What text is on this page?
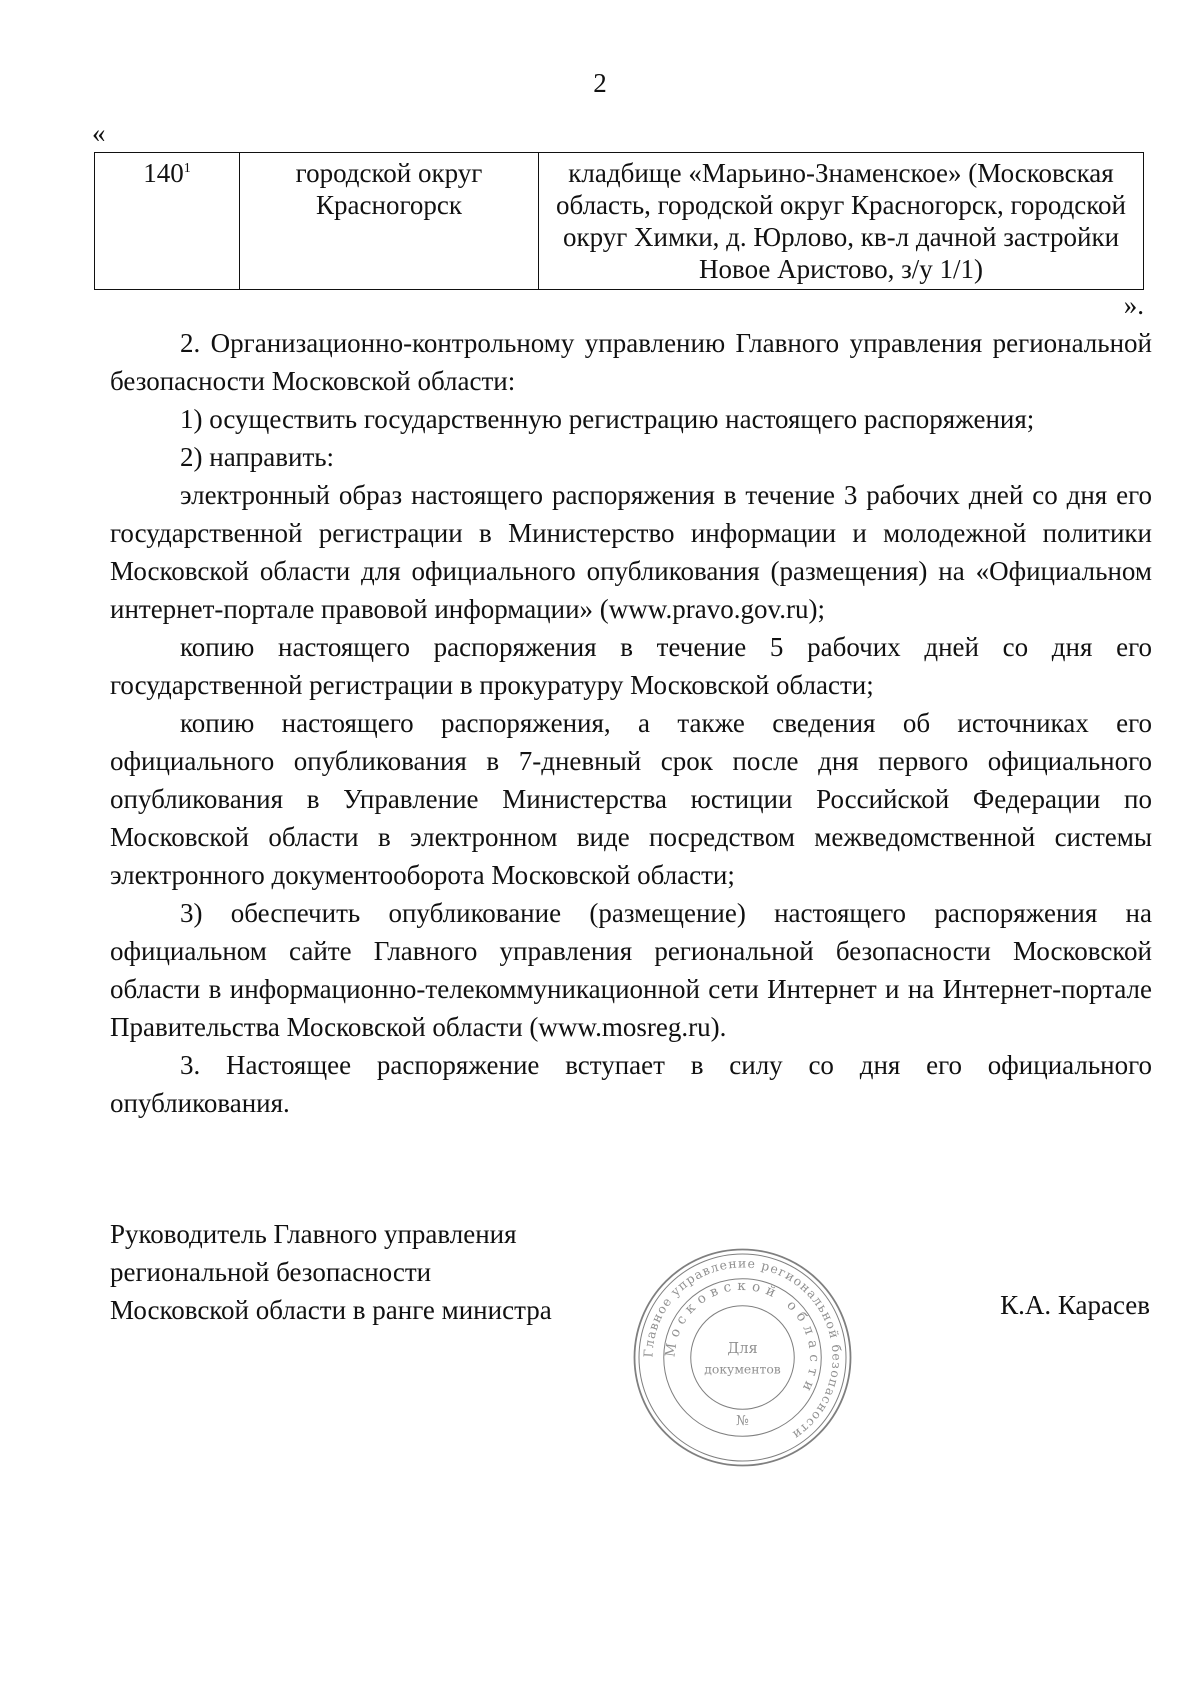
2
«
$140^1$	городской округ Красногорск	кладбище «Марьино-Знаменское» (Московская область, городской округ Красногорск, городской округ Химки, д. Юрлово, кв-л дачной застройки Новое Аристово, з/у 1/1)
».

2. Организационно-контрольному управлению Главного управления региональной безопасности Московской области:

1) осуществить государственную регистрацию настоящего распоряжения;

2) направить:

электронный образ настоящего распоряжения в течение 3 рабочих дней со дня его государственной регистрации в Министерство информации и молодежной политики Московской области для официального опубликования (размещения) на «Официальном интернет-портале правовой информации» (www.pravo.gov.ru);

копию настоящего распоряжения в течение 5 рабочих дней со дня его государственной регистрации в прокуратуру Московской области;

копию настоящего распоряжения, а также сведения об источниках его официального опубликования в 7-дневный срок после дня первого официального опубликования в Управление Министерства юстиции Российской Федерации по Московской области в электронном виде посредством межведомственной системы электронного документооборота Московской области;

3) обеспечить опубликование (размещение) настоящего распоряжения на официальном сайте Главного управления региональной безопасности Московской области в информационно-телекоммуникационной сети Интернет и на Интернет-портале Правительства Московской области (www.mosreg.ru).

3. Настоящее распоряжение вступает в силу со дня его официального опубликования.

Руководитель Главного управления
региональной безопасности
Московской области в ранге министра	К.А. Карасев
Главное управление региональной безопасности
Московской области
Для
документов
№
